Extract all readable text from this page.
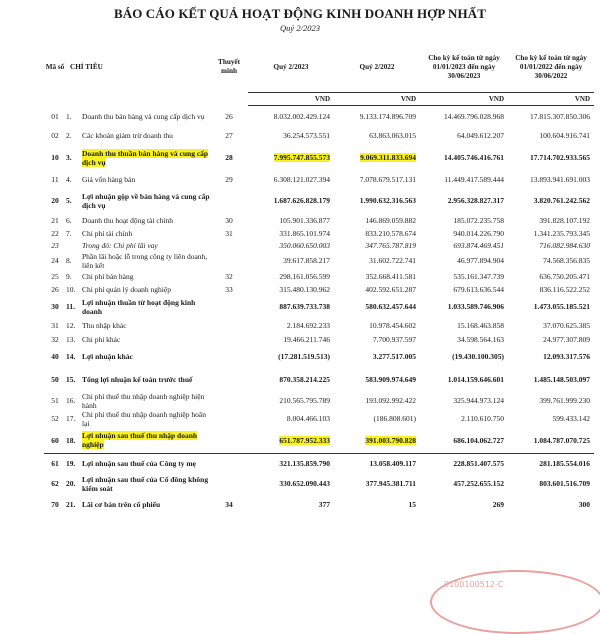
BÁO CÁO KẾT QUẢ HOẠT ĐỘNG KINH DOANH HỢP NHẤT
Quý 2/2023
Mã số	CHỈ TIÊU		Thuyết minh	Quý 2/2023	Quý 2/2022	Cho kỳ kế toán từ ngày 01/01/2023 đến ngày 30/06/2023	Cho kỳ kế toán từ ngày 01/01/2022 đến ngày 30/06/2022
				VND	VND	VND	VND
01	1.	Doanh thu bán hàng và cung cấp dịch vụ	26	8.032.002.429.124	9.133.174.896.709	14.469.796.028.968	17.815.307.850.306
02	2.	Các khoản giảm trừ doanh thu	27	36.254.573.551	63.863.063.015	64.049.612.207	100.604.916.741
10	3.	Doanh thu thuần bán hàng và cung cấp dịch vụ	28	7.995.747.855.573	9.069.311.833.694	14.405.746.416.761	17.714.702.933.565
11	4.	Giá vốn hàng bán	29	6.308.121.027.394	7.078.679.517.131	11.449.417.589.444	13.893.941.691.003
20	5.	Lợi nhuận gộp về bán hàng và cung cấp dịch vụ		1.687.626.828.179	1.990.632.316.563	2.956.328.827.317	3.820.761.242.562
21	6.	Doanh thu hoạt động tài chính	30	105.901.336.877	146.869.059.882	185.072.235.758	391.828.107.192
22	7.	Chi phí tài chính	31	331.865.101.974	833.210.578.674	940.014.226.790	1.341.235.793.345
23		Trong đó: Chi phí lãi vay		350.060.650.003	347.765.787.819	693.874.469.451	716.082.984.630
24	8.	Phần lãi hoặc lỗ trong công ty liên doanh, liên kết		39.617.858.217	31.602.722.741	46.977.894.904	74.568.356.835
25	9.	Chi phí bán hàng	32	298.161.056.599	352.668.411.581	535.161.347.739	636.750.205.471
26	10.	Chi phí quản lý doanh nghiệp	33	315.480.130.962	402.592.651.287	679.613.636.544	836.116.522.252
30	11.	Lợi nhuận thuần từ hoạt động kinh doanh		887.639.733.738	580.632.457.644	1.033.589.746.906	1.473.055.185.521
31	12.	Thu nhập khác		2.184.692.233	10.978.454.602	15.168.463.858	37.070.625.385
32	13.	Chi phí khác		19.466.211.746	7.700.937.597	34.598.564.163	24.977.307.809
40	14.	Lợi nhuận khác		(17.281.519.513)	3.277.517.005	(19.430.100.305)	12.093.317.576
50	15.	Tổng lợi nhuận kế toán trước thuế		870.358.214.225	583.909.974.649	1.014.159.646.601	1.485.148.503.097
51	16.	Chi phí thuế thu nhập doanh nghiệp hiện hành		210.565.795.789	193.092.992.422	325.944.973.124	399.761.999.230
52	17.	Chi phí thuế thu nhập doanh nghiệp hoãn lại		8.004.466.103	(186.808.601)	2.110.610.750	599.433.142
60	18.	Lợi nhuận sau thuế thu nhập doanh nghiệp		651.787.952.333	391.003.790.828	686.104.062.727	1.084.787.070.725
61	19.	Lợi nhuận sau thuế của Công ty mẹ		321.135.859.790	13.058.409.117	228.851.407.575	281.185.554.016
62	20.	Lợi nhuận sau thuế của Cổ đông không kiểm soát		330.652.090.443	377.945.381.711	457.252.655.152	803.601.516.709
70	21.	Lãi cơ bản trên cổ phiếu	34	377	15	269	300
0100100512-C
